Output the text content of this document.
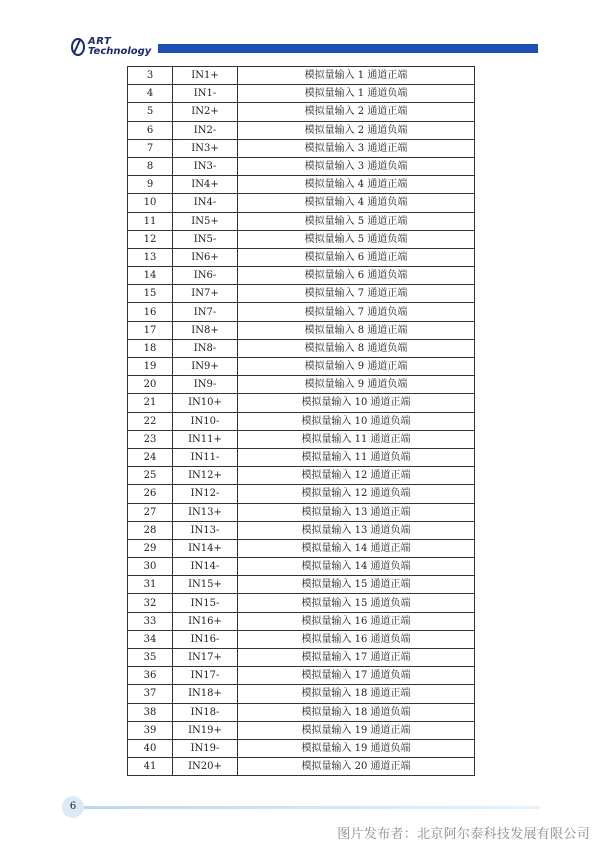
ART
Technology
3	IN1+	模拟量输入 1 通道正端
4	IN1-	模拟量输入 1 通道负端
5	IN2+	模拟量输入 2 通道正端
6	IN2-	模拟量输入 2 通道负端
7	IN3+	模拟量输入 3 通道正端
8	IN3-	模拟量输入 3 通道负端
9	IN4+	模拟量输入 4 通道正端
10	IN4-	模拟量输入 4 通道负端
11	IN5+	模拟量输入 5 通道正端
12	IN5-	模拟量输入 5 通道负端
13	IN6+	模拟量输入 6 通道正端
14	IN6-	模拟量输入 6 通道负端
15	IN7+	模拟量输入 7 通道正端
16	IN7-	模拟量输入 7 通道负端
17	IN8+	模拟量输入 8 通道正端
18	IN8-	模拟量输入 8 通道负端
19	IN9+	模拟量输入 9 通道正端
20	IN9-	模拟量输入 9 通道负端
21	IN10+	模拟量输入 10 通道正端
22	IN10-	模拟量输入 10 通道负端
23	IN11+	模拟量输入 11 通道正端
24	IN11-	模拟量输入 11 通道负端
25	IN12+	模拟量输入 12 通道正端
26	IN12-	模拟量输入 12 通道负端
27	IN13+	模拟量输入 13 通道正端
28	IN13-	模拟量输入 13 通道负端
29	IN14+	模拟量输入 14 通道正端
30	IN14-	模拟量输入 14 通道负端
31	IN15+	模拟量输入 15 通道正端
32	IN15-	模拟量输入 15 通道负端
33	IN16+	模拟量输入 16 通道正端
34	IN16-	模拟量输入 16 通道负端
35	IN17+	模拟量输入 17 通道正端
36	IN17-	模拟量输入 17 通道负端
37	IN18+	模拟量输入 18 通道正端
38	IN18-	模拟量输入 18 通道负端
39	IN19+	模拟量输入 19 通道正端
40	IN19-	模拟量输入 19 通道负端
41	IN20+	模拟量输入 20 通道正端
6
图片发布者：北京阿尔泰科技发展有限公司
